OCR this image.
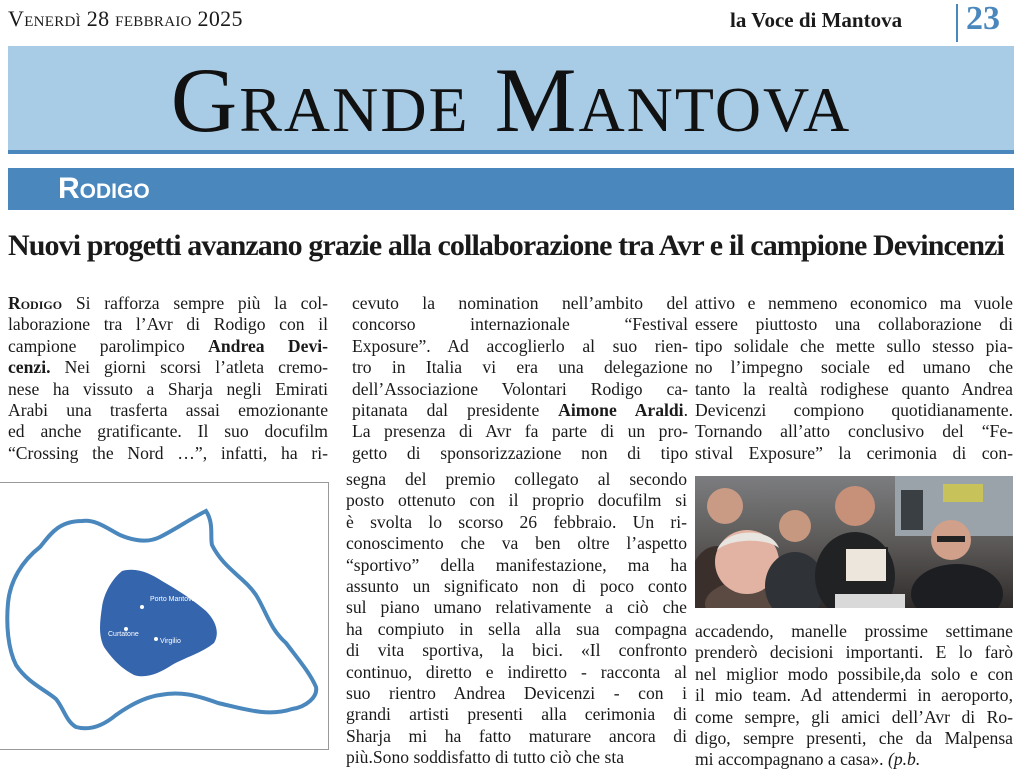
Venerdì 28 febbraio 2025	la Voce di Mantova 23
Grande Mantova
Rodigo
Nuovi progetti avanzano grazie alla collaborazione tra Avr e il campione Devincenzi
Rodigo Si rafforza sempre più la col-
laborazione tra l’Avr di Rodigo con il
campione parolimpico Andrea Devi-
cenzi. Nei giorni scorsi l’atleta cremo-
nese ha vissuto a Sharja negli Emirati
Arabi una trasferta assai emozionante
ed anche gratificante. Il suo docufilm
“Crossing the Nord …”, infatti, ha ri-
cevuto la nomination nell’ambito del
concorso internazionale “Festival
Exposure”. Ad accoglierlo al suo rien-
tro in Italia vi era una delegazione
dell’Associazione Volontari Rodigo ca-
pitanata dal presidente Aimone Araldi.
La presenza di Avr fa parte di un pro-
getto di sponsorizzazione non di tipo
attivo e nemmeno economico ma vuole
essere piuttosto una collaborazione di
tipo solidale che mette sullo stesso pia-
no l’impegno sociale ed umano che
tanto la realtà rodighese quanto Andrea
Devicenzi compiono quotidianamente.
Tornando all’atto conclusivo del “Fe-
stival Exposure” la cerimonia di con-
Porto Mantovano
Curtatone
Virgilio
segna del premio collegato al secondo
posto ottenuto con il proprio docufilm si
è svolta lo scorso 26 febbraio. Un ri-
conoscimento che va ben oltre l’aspetto
“sportivo” della manifestazione, ma ha
assunto un significato non di poco conto
sul piano umano relativamente a ciò che
ha compiuto in sella alla sua compagna
di vita sportiva, la bici. «Il confronto
continuo, diretto e indiretto - racconta al
suo rientro Andrea Devicenzi - con i
grandi artisti presenti alla cerimonia di
Sharja mi ha fatto maturare ancora di
più.Sono soddisfatto di tutto ciò che sta
accadendo, manelle prossime settimane
prenderò decisioni importanti. E lo farò
nel miglior modo possibile,da solo e con
il mio team. Ad attendermi in aeroporto,
come sempre, gli amici dell’Avr di Ro-
digo, sempre presenti, che da Malpensa
mi accompagnano a casa». (p.b.
